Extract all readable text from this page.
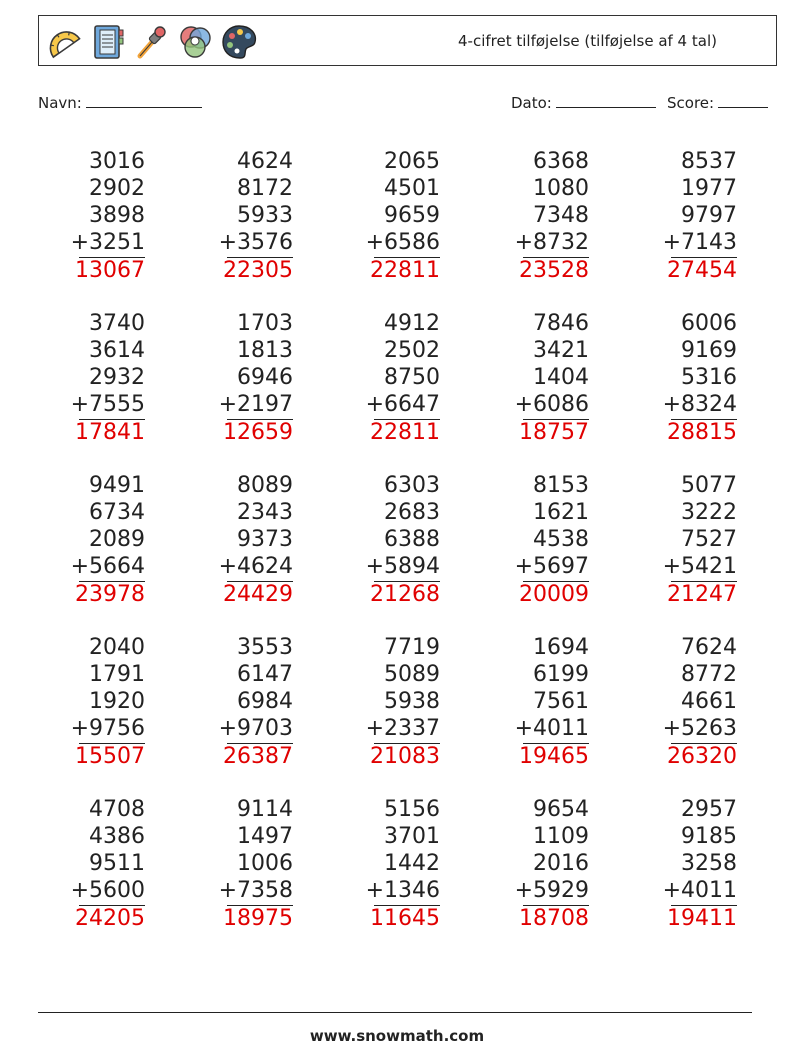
4-cifret tilføjelse (tilføjelse af 4 tal)
Navn:	Dato:	Score:
3016
2902
3898
+3251
13067
4624
8172
5933
+3576
22305
2065
4501
9659
+6586
22811
6368
1080
7348
+8732
23528
8537
1977
9797
+7143
27454
3740
3614
2932
+7555
17841
1703
1813
6946
+2197
12659
4912
2502
8750
+6647
22811
7846
3421
1404
+6086
18757
6006
9169
5316
+8324
28815
9491
6734
2089
+5664
23978
8089
2343
9373
+4624
24429
6303
2683
6388
+5894
21268
8153
1621
4538
+5697
20009
5077
3222
7527
+5421
21247
2040
1791
1920
+9756
15507
3553
6147
6984
+9703
26387
7719
5089
5938
+2337
21083
1694
6199
7561
+4011
19465
7624
8772
4661
+5263
26320
4708
4386
9511
+5600
24205
9114
1497
1006
+7358
18975
5156
3701
1442
+1346
11645
9654
1109
2016
+5929
18708
2957
9185
3258
+4011
19411
www.snowmath.com
